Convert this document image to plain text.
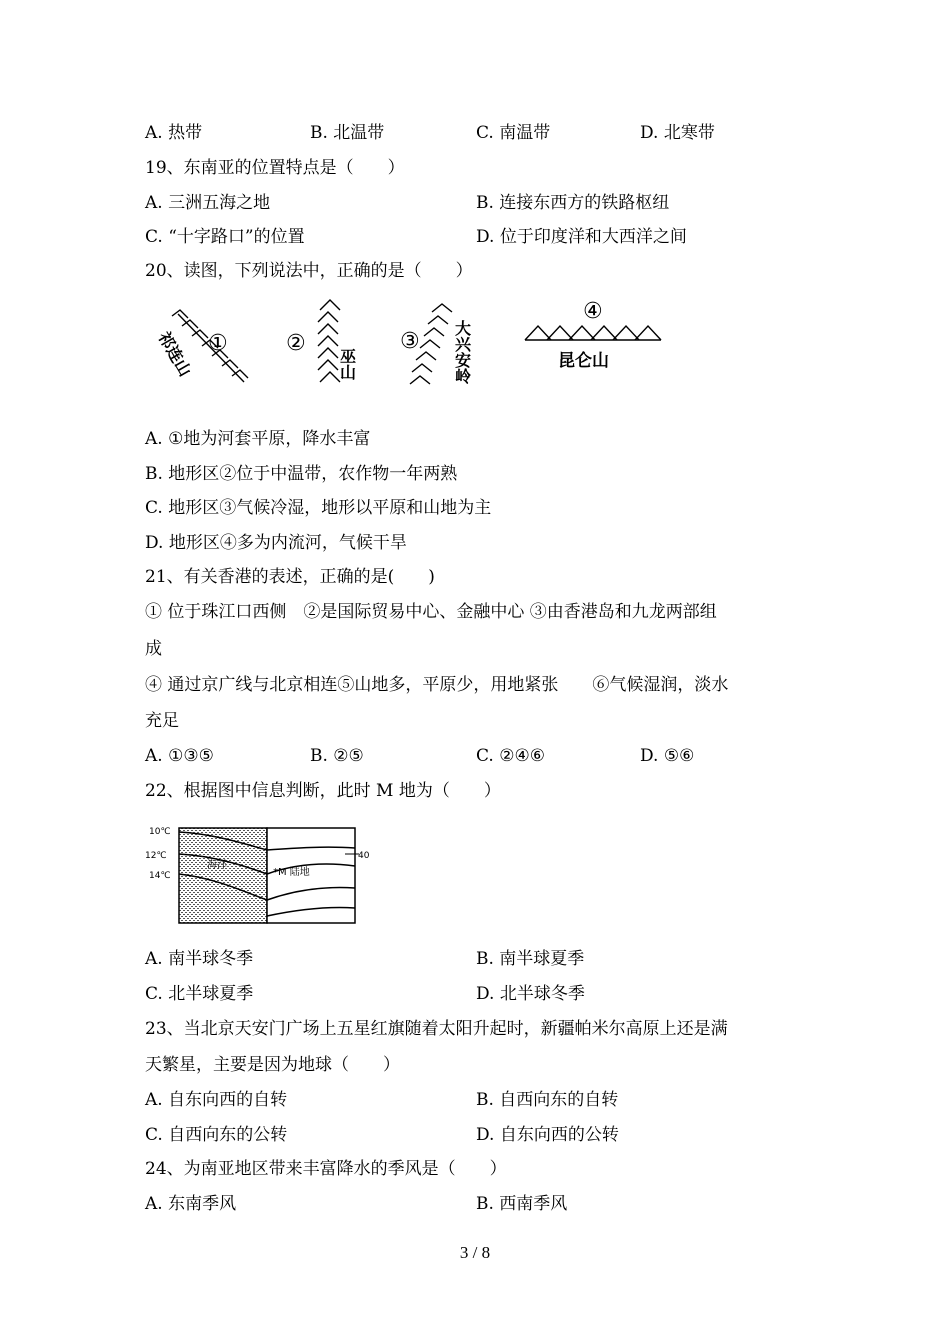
A. 热带	B. 北温带	C. 南温带	D. 北寒带
19、东南亚的位置特点是（　　）
A. 三洲五海之地	B. 连接东西方的铁路枢纽
C. “十字路口”的位置	D. 位于印度洋和大西洋之间
20、读图，下列说法中，正确的是（　　）
①
祁连山	②
巫山
③ 大兴安岭
④
昆仑山
A. ①地为河套平原，降水丰富
B. 地形区②位于中温带，农作物一年两熟
C. 地形区③气候冷湿，地形以平原和山地为主
D. 地形区④多为内流河，气候干旱
21、有关香港的表述，正确的是(　　)
① 位于珠江口西侧　②是国际贸易中心、金融中心 ③由香港岛和九龙两部组
成
④ 通过京广线与北京相连⑤山地多，平原少，用地紧张　　⑥气候湿润，淡水
充足
A. ①③⑤	B. ②⑤	C. ②④⑥	D. ⑤⑥
22、根据图中信息判断，此时 M 地为（　　）
10℃
12℃
14℃
海洋
*M 陆地
40
A. 南半球冬季	B. 南半球夏季
C. 北半球夏季	D. 北半球冬季
23、当北京天安门广场上五星红旗随着太阳升起时，新疆帕米尔高原上还是满
天繁星，主要是因为地球（　　）
A. 自东向西的自转	B. 自西向东的自转
C. 自西向东的公转	D. 自东向西的公转
24、为南亚地区带来丰富降水的季风是（　　）
A. 东南季风	B. 西南季风
3 / 8
